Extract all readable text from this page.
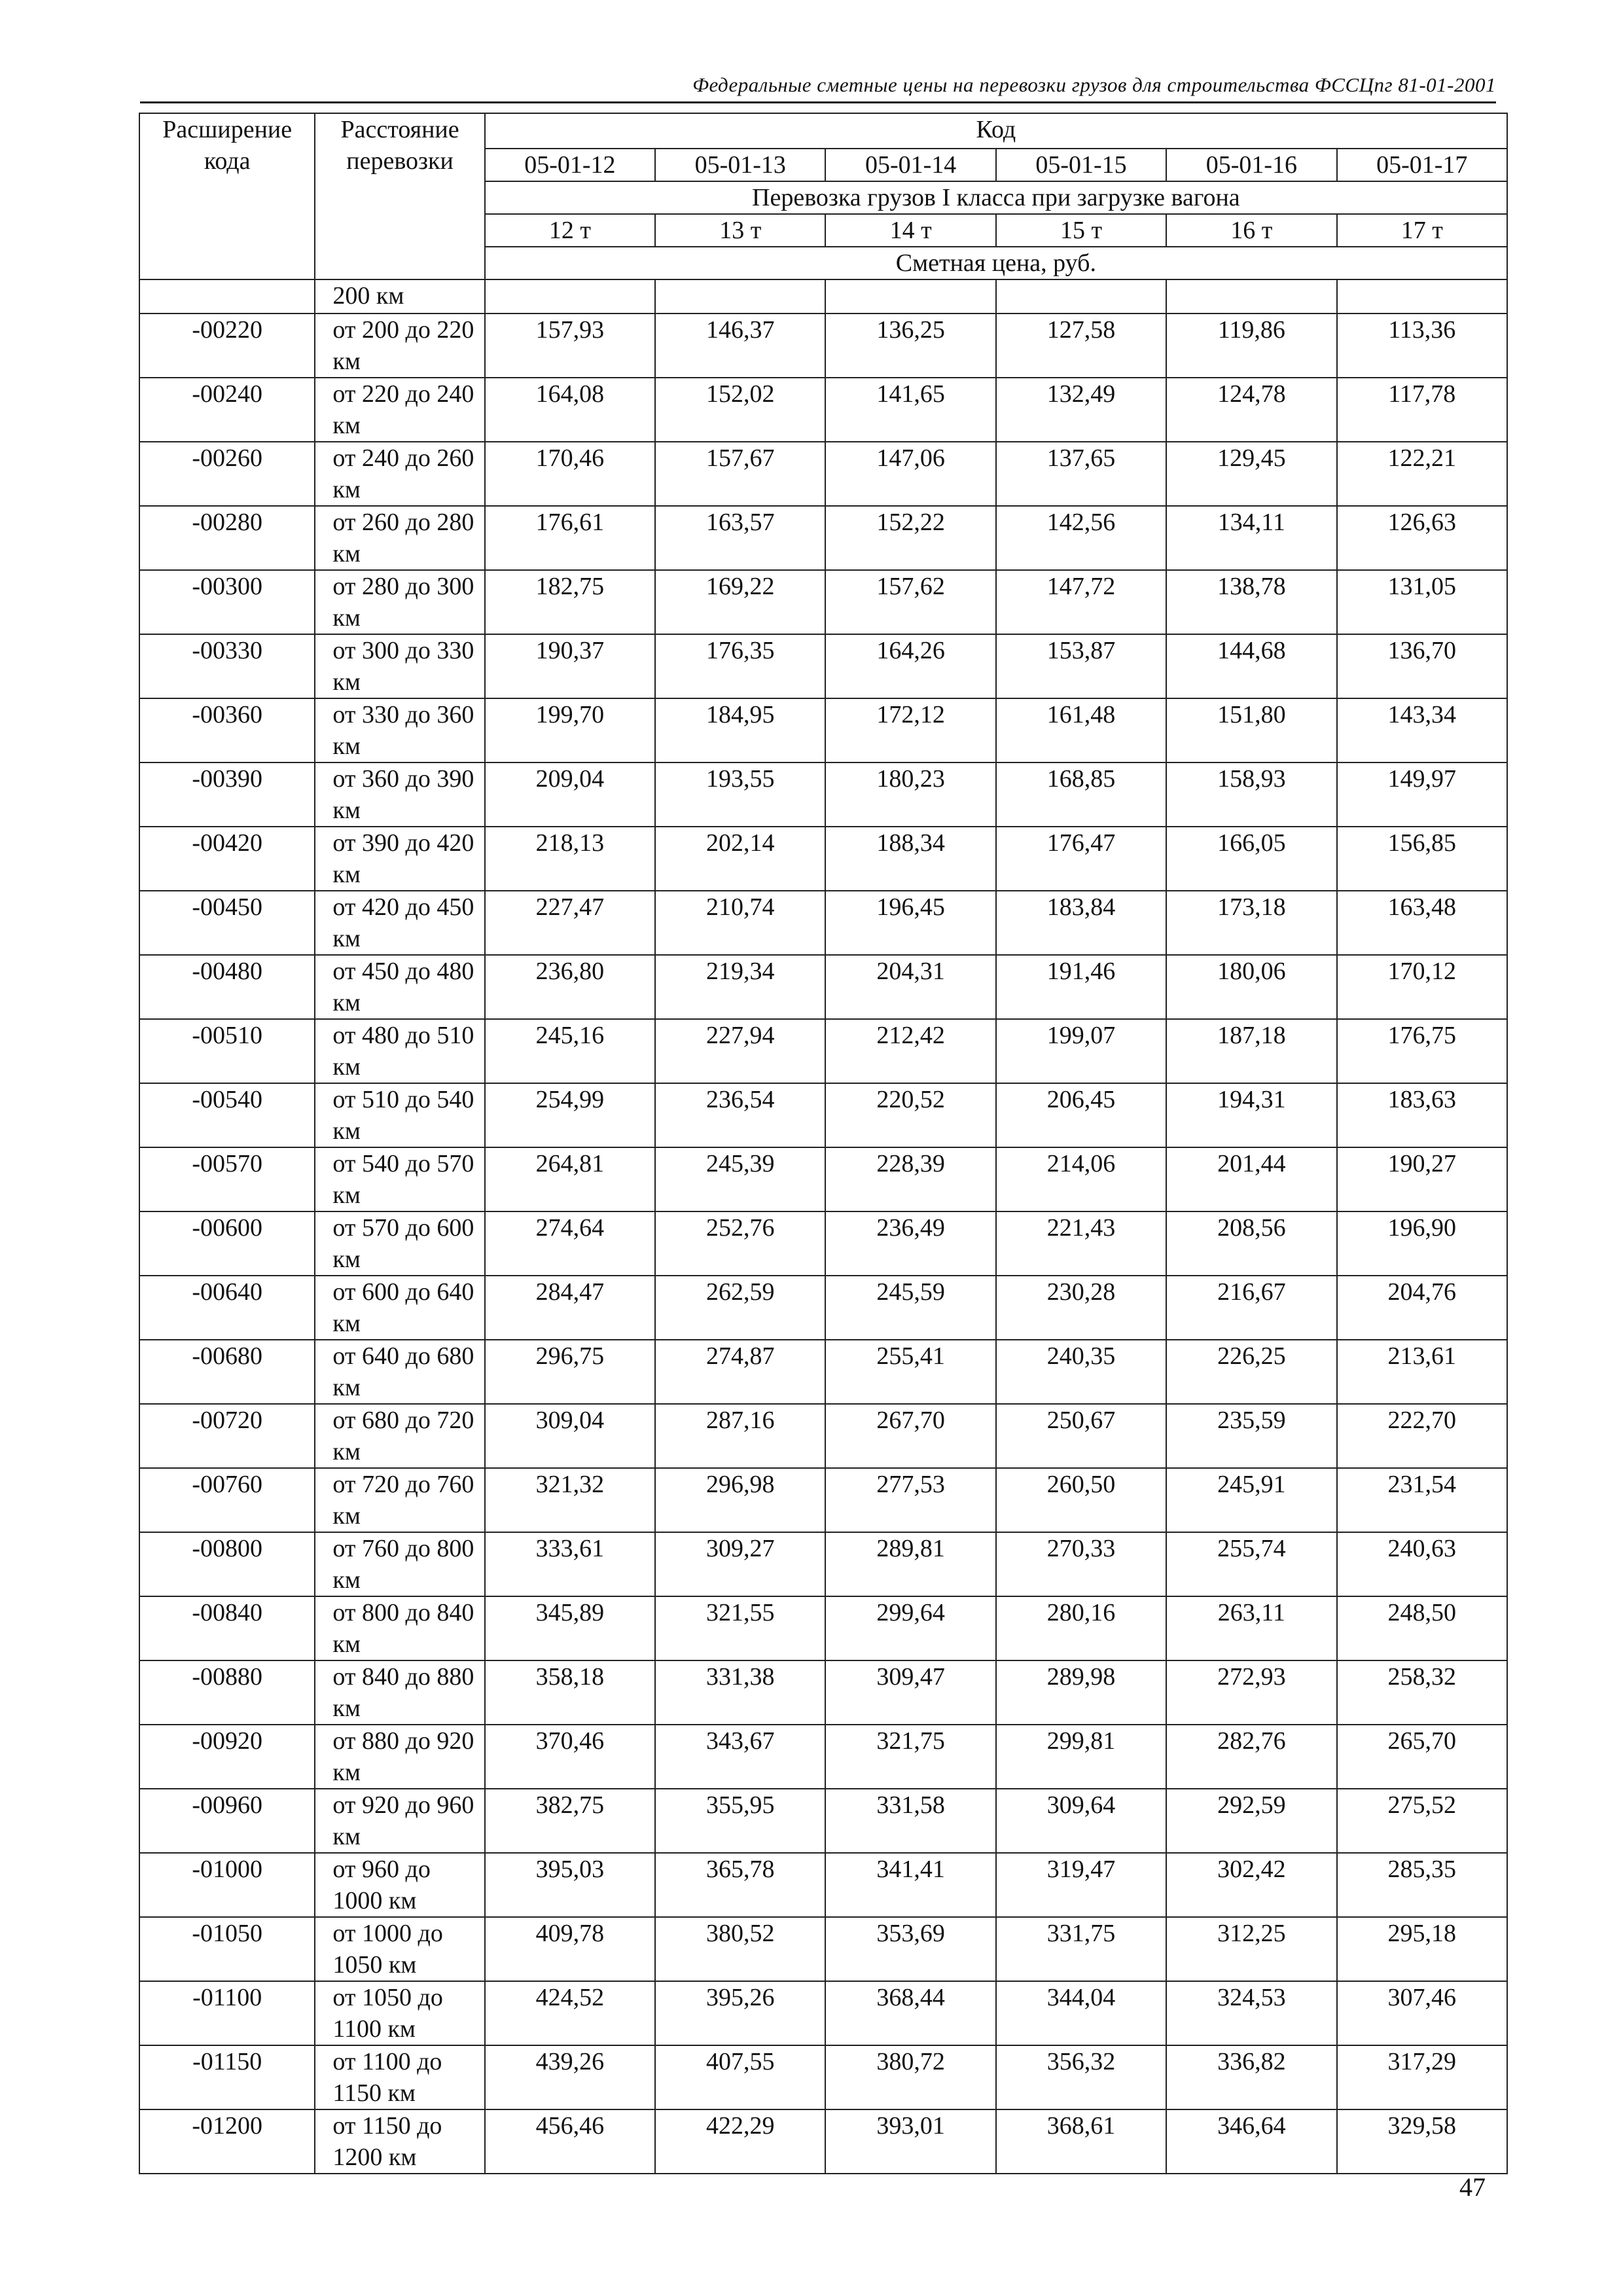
Федеральные сметные цены на перевозки грузов для строительства ФССЦпг 81-01-2001
Расширение кода	Расстояние перевозки	Код					
		05-01-12	05-01-13	05-01-14	05-01-15	05-01-16	05-01-17
		Перевозка грузов I класса при загрузке вагона					
		12 т	13 т	14 т	15 т	16 т	17 т
		Сметная цена, руб.					
	200 км						
-00220	от 200 до 220 км	157,93	146,37	136,25	127,58	119,86	113,36
-00240	от 220 до 240 км	164,08	152,02	141,65	132,49	124,78	117,78
-00260	от 240 до 260 км	170,46	157,67	147,06	137,65	129,45	122,21
-00280	от 260 до 280 км	176,61	163,57	152,22	142,56	134,11	126,63
-00300	от 280 до 300 км	182,75	169,22	157,62	147,72	138,78	131,05
-00330	от 300 до 330 км	190,37	176,35	164,26	153,87	144,68	136,70
-00360	от 330 до 360 км	199,70	184,95	172,12	161,48	151,80	143,34
-00390	от 360 до 390 км	209,04	193,55	180,23	168,85	158,93	149,97
-00420	от 390 до 420 км	218,13	202,14	188,34	176,47	166,05	156,85
-00450	от 420 до 450 км	227,47	210,74	196,45	183,84	173,18	163,48
-00480	от 450 до 480 км	236,80	219,34	204,31	191,46	180,06	170,12
-00510	от 480 до 510 км	245,16	227,94	212,42	199,07	187,18	176,75
-00540	от 510 до 540 км	254,99	236,54	220,52	206,45	194,31	183,63
-00570	от 540 до 570 км	264,81	245,39	228,39	214,06	201,44	190,27
-00600	от 570 до 600 км	274,64	252,76	236,49	221,43	208,56	196,90
-00640	от 600 до 640 км	284,47	262,59	245,59	230,28	216,67	204,76
-00680	от 640 до 680 км	296,75	274,87	255,41	240,35	226,25	213,61
-00720	от 680 до 720 км	309,04	287,16	267,70	250,67	235,59	222,70
-00760	от 720 до 760 км	321,32	296,98	277,53	260,50	245,91	231,54
-00800	от 760 до 800 км	333,61	309,27	289,81	270,33	255,74	240,63
-00840	от 800 до 840 км	345,89	321,55	299,64	280,16	263,11	248,50
-00880	от 840 до 880 км	358,18	331,38	309,47	289,98	272,93	258,32
-00920	от 880 до 920 км	370,46	343,67	321,75	299,81	282,76	265,70
-00960	от 920 до 960 км	382,75	355,95	331,58	309,64	292,59	275,52
-01000	от 960 до 1000 км	395,03	365,78	341,41	319,47	302,42	285,35
-01050	от 1000 до 1050 км	409,78	380,52	353,69	331,75	312,25	295,18
-01100	от 1050 до 1100 км	424,52	395,26	368,44	344,04	324,53	307,46
-01150	от 1100 до 1150 км	439,26	407,55	380,72	356,32	336,82	317,29
-01200	от 1150 до 1200 км	456,46	422,29	393,01	368,61	346,64	329,58
47
